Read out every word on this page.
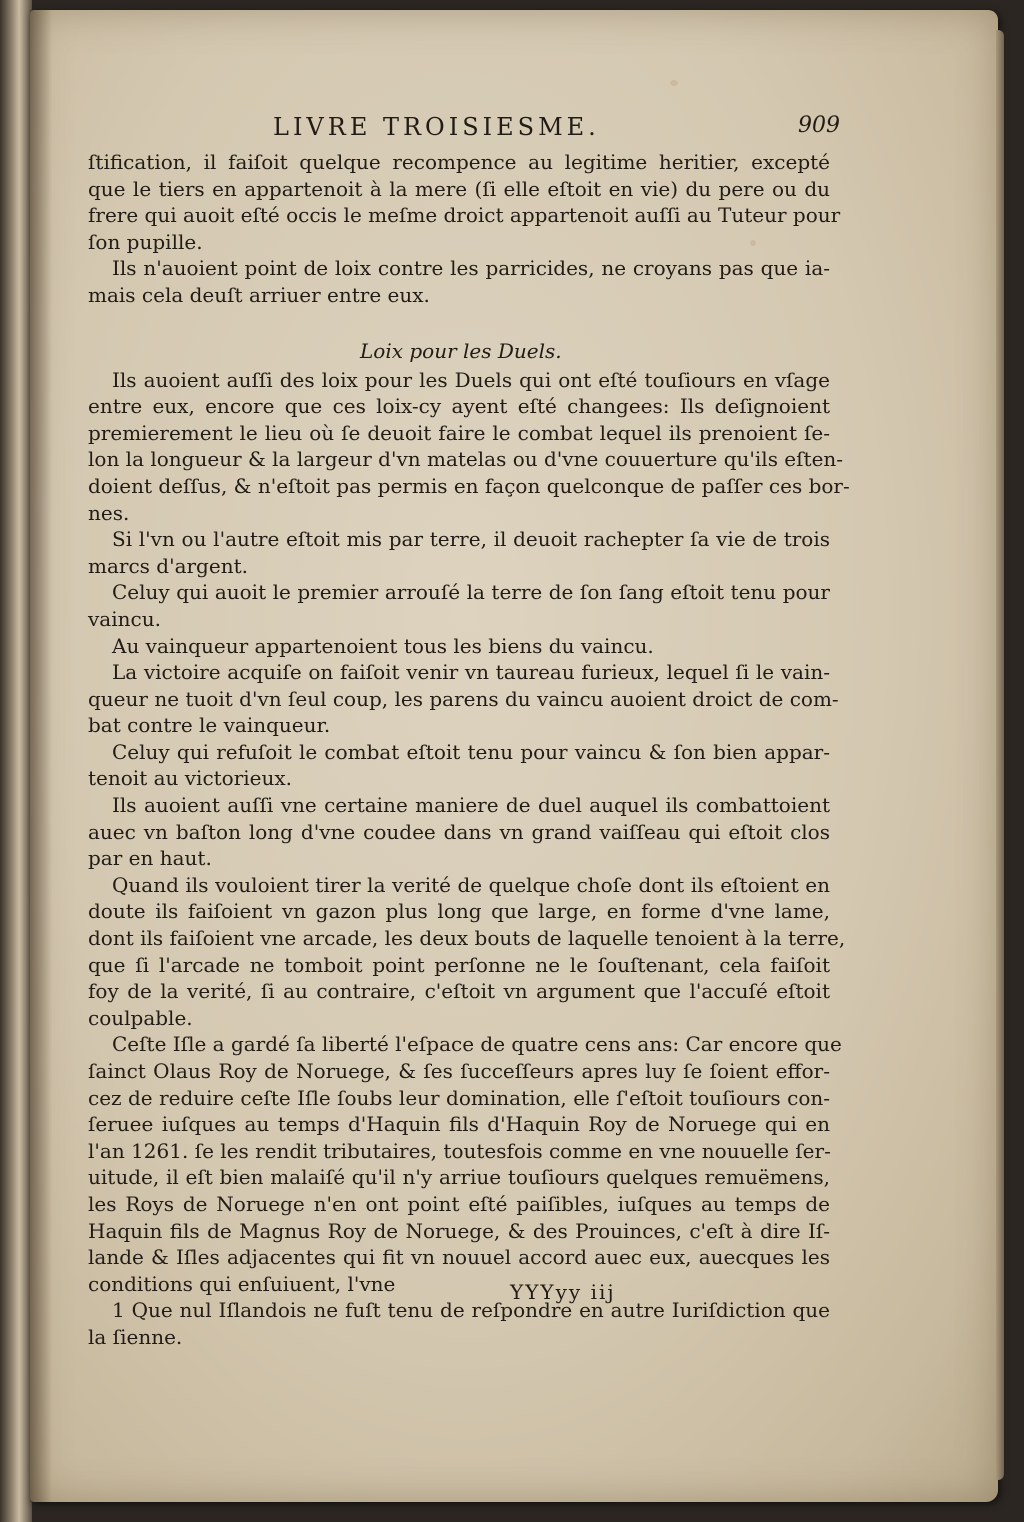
LIVRE TROISIESME.	909
ſtification, il faiſoit quelque recompence au legitime heritier, excepté
que le tiers en appartenoit à la mere (ſi elle eſtoit en vie) du pere ou du
frere qui auoit eſté occis le meſme droict appartenoit auſſi au Tuteur pour
ſon pupille.
Ils n'auoient point de loix contre les parricides, ne croyans pas que ia-
mais cela deuſt arriuer entre eux.
Loix pour les Duels.
Ils auoient auſſi des loix pour les Duels qui ont eſté touſiours en vſage
entre eux, encore que ces loix-cy ayent eſté changees: Ils deſignoient
premierement le lieu où ſe deuoit faire le combat lequel ils prenoient ſe-
lon la longueur & la largeur d'vn matelas ou d'vne couuerture qu'ils eſten-
doient deſſus, & n'eſtoit pas permis en façon quelconque de paſſer ces bor-
nes.
Si l'vn ou l'autre eſtoit mis par terre, il deuoit rachepter ſa vie de trois
marcs d'argent.
Celuy qui auoit le premier arrouſé la terre de ſon ſang eſtoit tenu pour
vaincu.
Au vainqueur appartenoient tous les biens du vaincu.
La victoire acquiſe on faiſoit venir vn taureau furieux, lequel ſi le vain-
queur ne tuoit d'vn ſeul coup, les parens du vaincu auoient droict de com-
bat contre le vainqueur.
Celuy qui refuſoit le combat eſtoit tenu pour vaincu & ſon bien appar-
tenoit au victorieux.
Ils auoient auſſi vne certaine maniere de duel auquel ils combattoient
auec vn baſton long d'vne coudee dans vn grand vaiſſeau qui eſtoit clos
par en haut.
Quand ils vouloient tirer la verité de quelque choſe dont ils eſtoient en
doute ils faiſoient vn gazon plus long que large, en forme d'vne lame,
dont ils faiſoient vne arcade, les deux bouts de laquelle tenoient à la terre,
que ſi l'arcade ne tomboit point perſonne ne le ſouſtenant, cela faiſoit
foy de la verité, ſi au contraire, c'eſtoit vn argument que l'accuſé eſtoit
coulpable.
Ceſte Iſle a gardé ſa liberté l'eſpace de quatre cens ans: Car encore que
ſainct Olaus Roy de Noruege, & ſes ſucceſſeurs apres luy ſe ſoient effor-
cez de reduire ceſte Iſle ſoubs leur domination, elle ſ'eſtoit touſiours con-
ſeruee iuſques au temps d'Haquin fils d'Haquin Roy de Noruege qui en
l'an 1261. ſe les rendit tributaires, toutesfois comme en vne nouuelle ſer-
uitude, il eſt bien malaiſé qu'il n'y arriue touſiours quelques remuëmens,
les Roys de Noruege n'en ont point eſté paiſibles, iuſques au temps de
Haquin fils de Magnus Roy de Noruege, & des Prouinces, c'eſt à dire Iſ-
lande & Iſles adjacentes qui fit vn nouuel accord auec eux, auecques les
conditions qui enſuiuent, l'vne
1 Que nul Iſlandois ne fuſt tenu de reſpondre en autre Iuriſdiction que
la ſienne.
YYYyy iij
